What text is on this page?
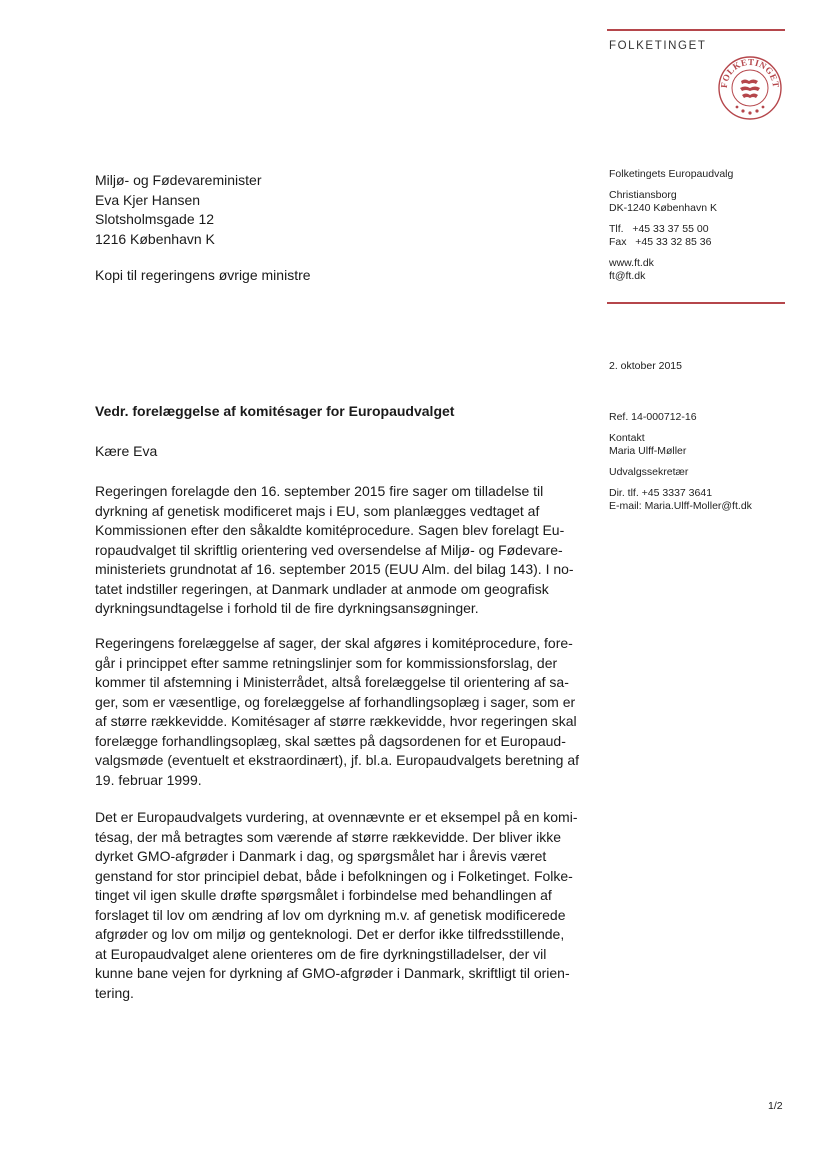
FOLKETINGET
FOLKETINGET
Miljø- og Fødevareminister
Eva Kjer Hansen
Slotsholmsgade 12
1216 København K
Kopi til regeringens øvrige ministre
Folketingets Europaudvalg
Christiansborg
DK-1240 København K
Tlf.   +45 33 37 55 00
Fax   +45 33 32 85 36
www.ft.dk
ft@ft.dk
2. oktober 2015
Vedr. forelæggelse af komitésager for Europaudvalget	Ref. 14-000712-16
Kontakt
Maria Ulff-Møller
Udvalgssekretær
Dir. tlf. +45 3337 3641
E-mail: Maria.Ulff-Moller@ft.dk
Kære Eva
Regeringen forelagde den 16. september 2015 fire sager om tilladelse til
dyrkning af genetisk modificeret majs i EU, som planlægges vedtaget af
Kommissionen efter den såkaldte komitéprocedure. Sagen blev forelagt Eu-
ropaudvalget til skriftlig orientering ved oversendelse af Miljø- og Fødevare-
ministeriets grundnotat af 16. september 2015 (EUU Alm. del bilag 143). I no-
tatet indstiller regeringen, at Danmark undlader at anmode om geografisk
dyrkningsundtagelse i forhold til de fire dyrkningsansøgninger.
Regeringens forelæggelse af sager, der skal afgøres i komitéprocedure, fore-
går i princippet efter samme retningslinjer som for kommissionsforslag, der
kommer til afstemning i Ministerrådet, altså forelæggelse til orientering af sa-
ger, som er væsentlige, og forelæggelse af forhandlingsoplæg i sager, som er
af større rækkevidde. Komitésager af større rækkevidde, hvor regeringen skal
forelægge forhandlingsoplæg, skal sættes på dagsordenen for et Europaud-
valgsmøde (eventuelt et ekstraordinært), jf. bl.a. Europaudvalgets beretning af
19. februar 1999.
Det er Europaudvalgets vurdering, at ovennævnte er et eksempel på en komi-
tésag, der må betragtes som værende af større rækkevidde. Der bliver ikke
dyrket GMO-afgrøder i Danmark i dag, og spørgsmålet har i årevis været
genstand for stor principiel debat, både i befolkningen og i Folketinget. Folke-
tinget vil igen skulle drøfte spørgsmålet i forbindelse med behandlingen af
forslaget til lov om ændring af lov om dyrkning m.v. af genetisk modificerede
afgrøder og lov om miljø og genteknologi. Det er derfor ikke tilfredsstillende,
at Europaudvalget alene orienteres om de fire dyrkningstilladelser, der vil
kunne bane vejen for dyrkning af GMO-afgrøder i Danmark, skriftligt til orien-
tering.
1/2
